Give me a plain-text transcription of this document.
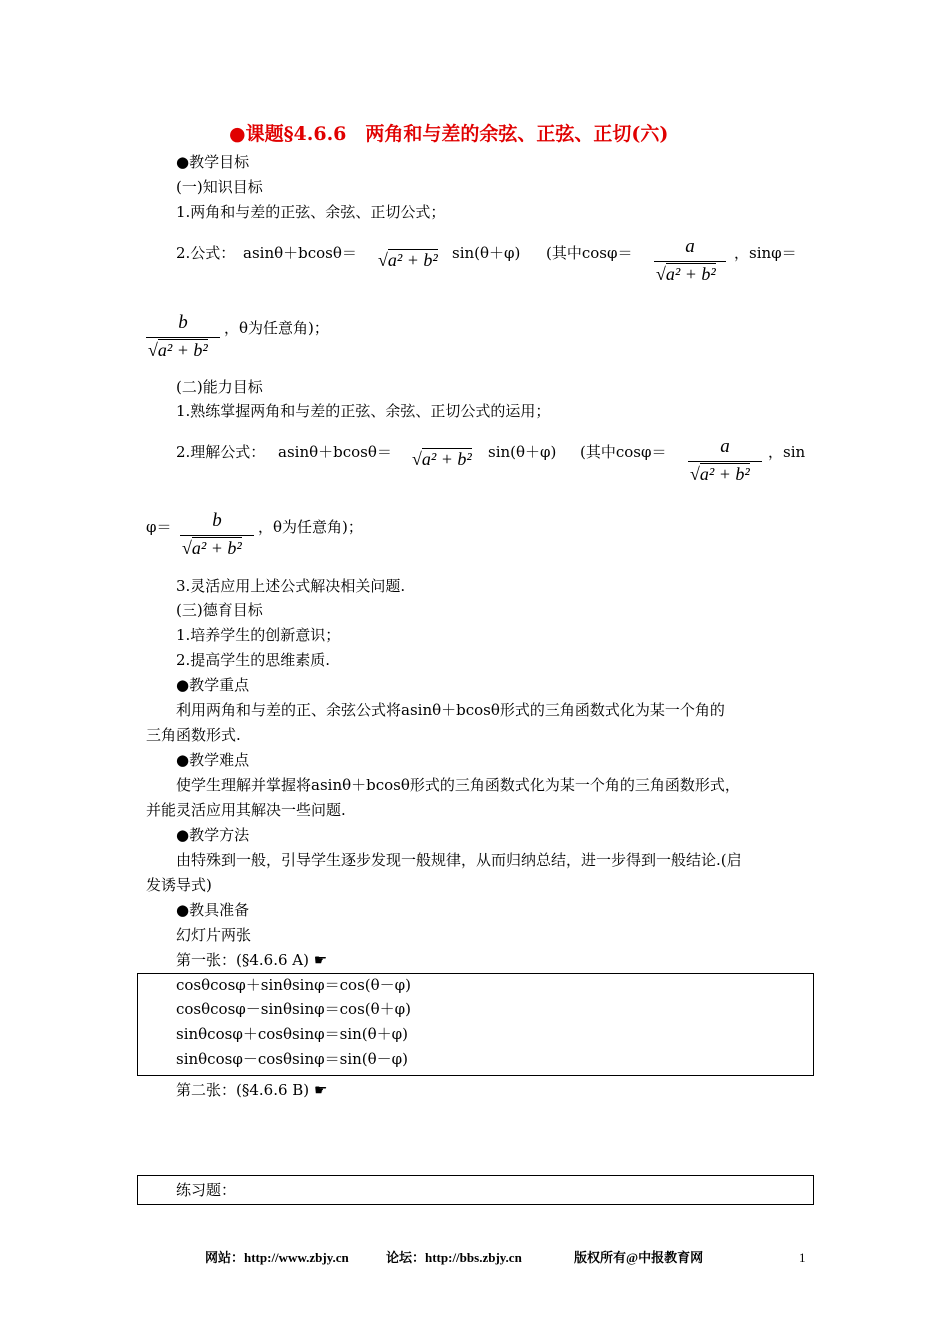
●课题§4.6.6　两角和与差的余弦、正弦、正切(六)
●教学目标
(一)知识目标
1.两角和与差的正弦、余弦、正切公式；
2.公式： asinθ＋bcosθ＝ √a² + b² sin(θ＋φ) (其中cosφ＝	a
√a² + b²
，sinφ＝
b
√a² + b²
，θ为任意角)；
(二)能力目标
1.熟练掌握两角和与差的正弦、余弦、正切公式的运用；
2.理解公式： asinθ＋bcosθ＝ √a² + b² sin(θ＋φ) (其中cosφ＝	a
√a² + b²
，sin
φ＝	b
√a² + b²
，θ为任意角)；
3.灵活应用上述公式解决相关问题.
(三)德育目标
1.培养学生的创新意识；
2.提高学生的思维素质.
●教学重点
利用两角和与差的正、余弦公式将asinθ＋bcosθ形式的三角函数式化为某一个角的
三角函数形式.
●教学难点
使学生理解并掌握将asinθ＋bcosθ形式的三角函数式化为某一个角的三角函数形式，
并能灵活应用其解决一些问题.
●教学方法
由特殊到一般，引导学生逐步发现一般规律，从而归纳总结，进一步得到一般结论.(启
发诱导式)
●教具准备
幻灯片两张
第一张：(§4.6.6 A) ☛
cosθcosφ＋sinθsinφ＝cos(θ－φ)
cosθcosφ－sinθsinφ＝cos(θ＋φ)
sinθcosφ＋cosθsinφ＝sin(θ＋φ)
sinθcosφ－cosθsinφ＝sin(θ－φ)
第二张：(§4.6.6 B) ☛
练习题：
网站：http://www.zbjy.cn	论坛：http://bbs.zbjy.cn	版权所有@中报教育网	1
